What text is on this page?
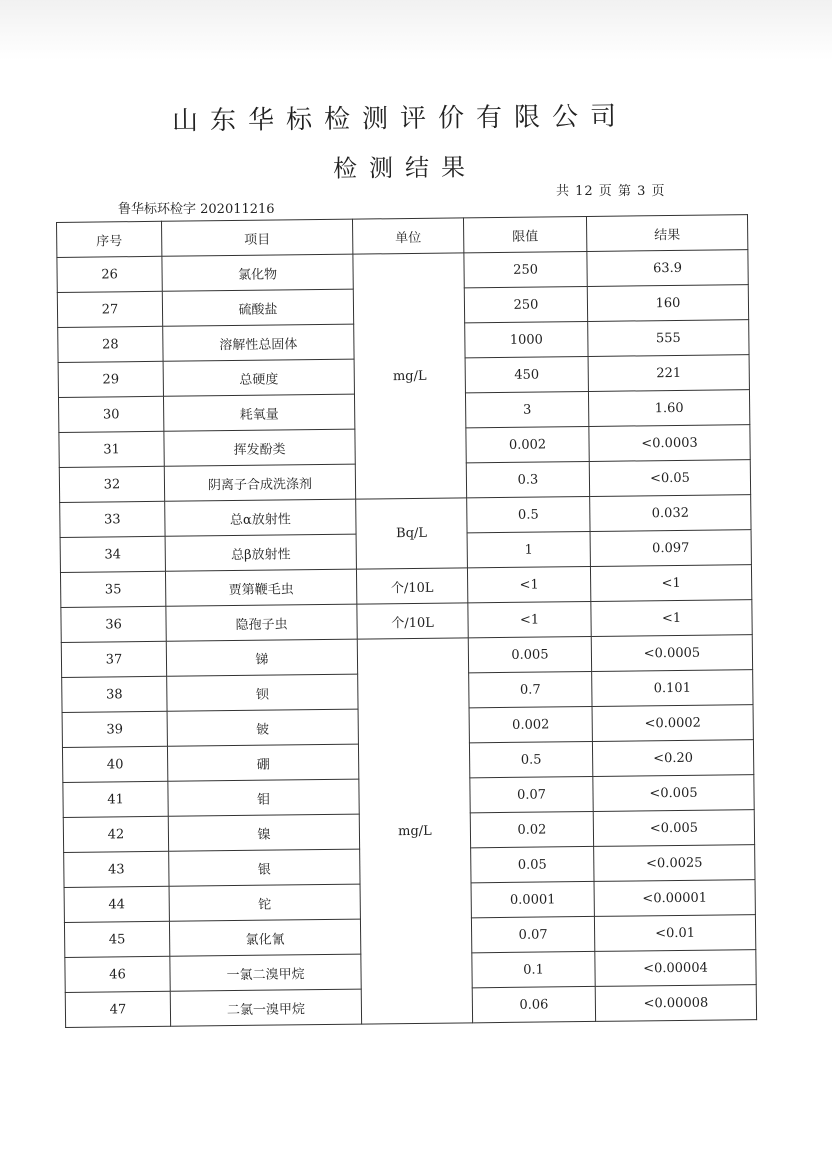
山东华标检测评价有限公司
检测结果
共 12 页 第 3 页
鲁华标环检字 202011216
序号	项目	单位	限值	结果
26	氯化物	mg/L	250	63.9
27	硫酸盐		250	160
28	溶解性总固体		1000	555
29	总硬度		450	221
30	耗氧量		3	1.60
31	挥发酚类		0.002	<0.0003
32	阴离子合成洗涤剂		0.3	<0.05
33	总α放射性	Bq/L	0.5	0.032
34	总β放射性		1	0.097
35	贾第鞭毛虫	个/10L	<1	<1
36	隐孢子虫	个/10L	<1	<1
37	锑	mg/L	0.005	<0.0005
38	钡		0.7	0.101
39	铍		0.002	<0.0002
40	硼		0.5	<0.20
41	钼		0.07	<0.005
42	镍		0.02	<0.005
43	银		0.05	<0.0025
44	铊		0.0001	<0.00001
45	氯化氰		0.07	<0.01
46	一氯二溴甲烷		0.1	<0.00004
47	二氯一溴甲烷		0.06	<0.00008
